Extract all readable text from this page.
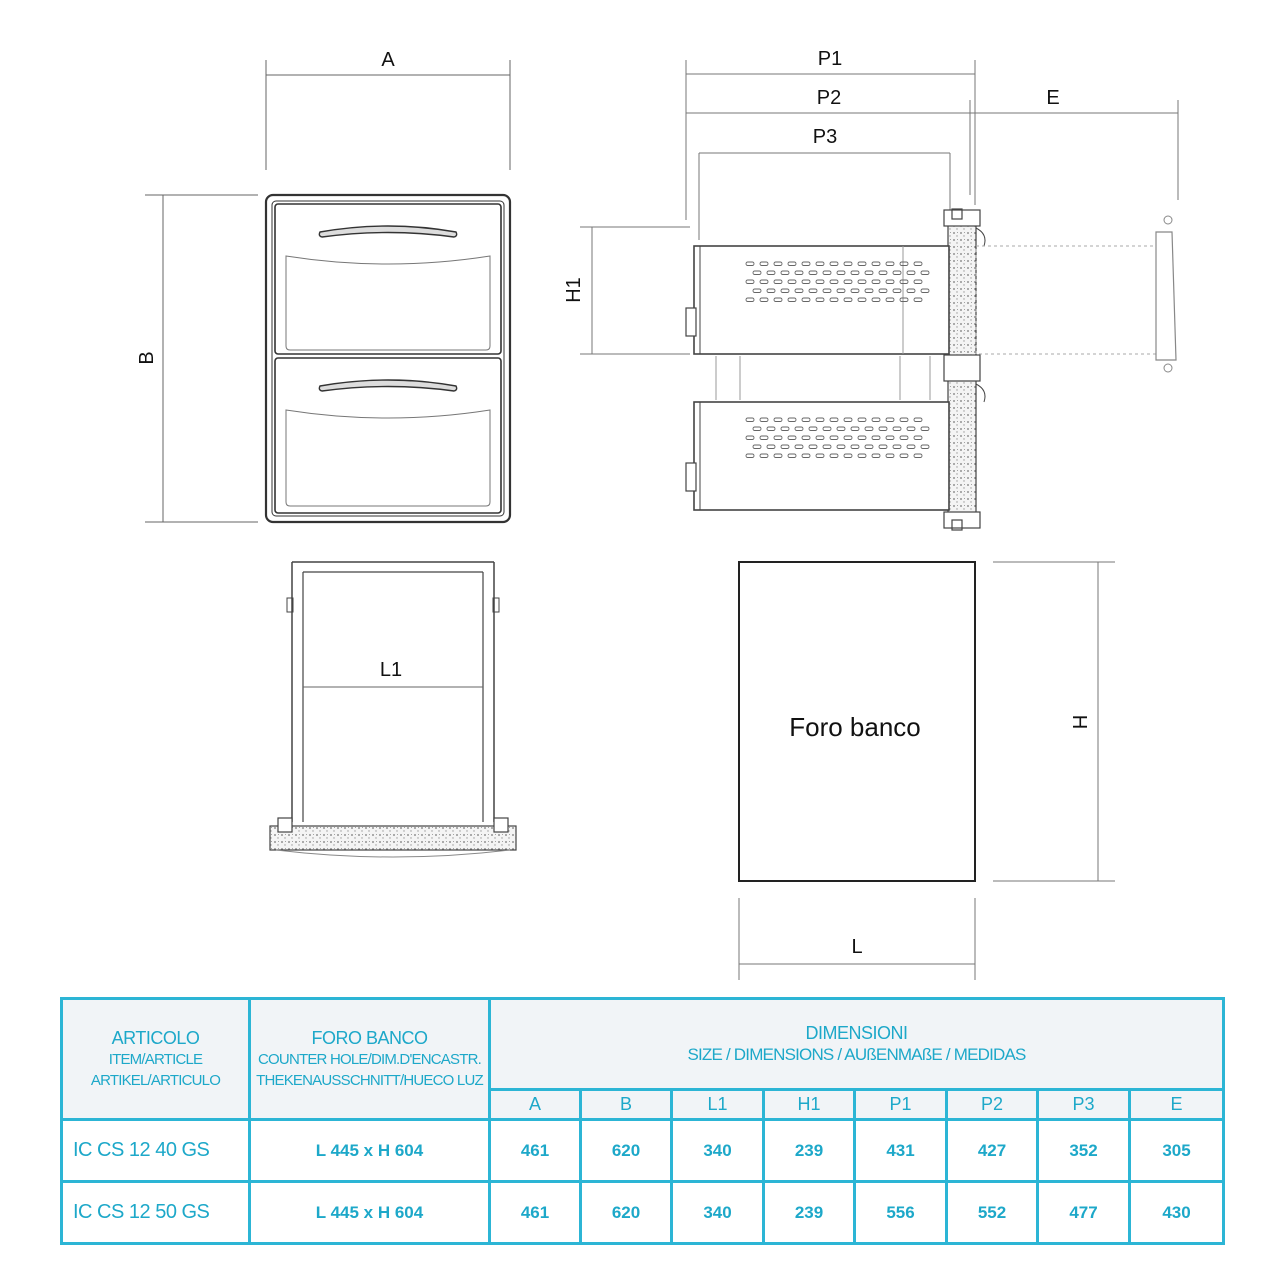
A
B
P1
P2
P3
E
H1
L1
Foro banco	H
L
ARTICOLO
ITEM/ARTICLE
ARTIKEL/ARTICULO	FORO BANCO
COUNTER HOLE/DIM.D'ENCASTR.
THEKENAUSSCHNITT/HUECO LUZ	DIMENSIONI
SIZE / DIMENSIONS / AUßENMAßE / MEDIDAS							

		A	B	L1	H1	P1	P2	P3	E
IC CS 12 40 GS	L 445 x H 604	461	620	340	239	431	427	352	305
IC CS 12 50 GS	L 445 x H 604	461	620	340	239	556	552	477	430
